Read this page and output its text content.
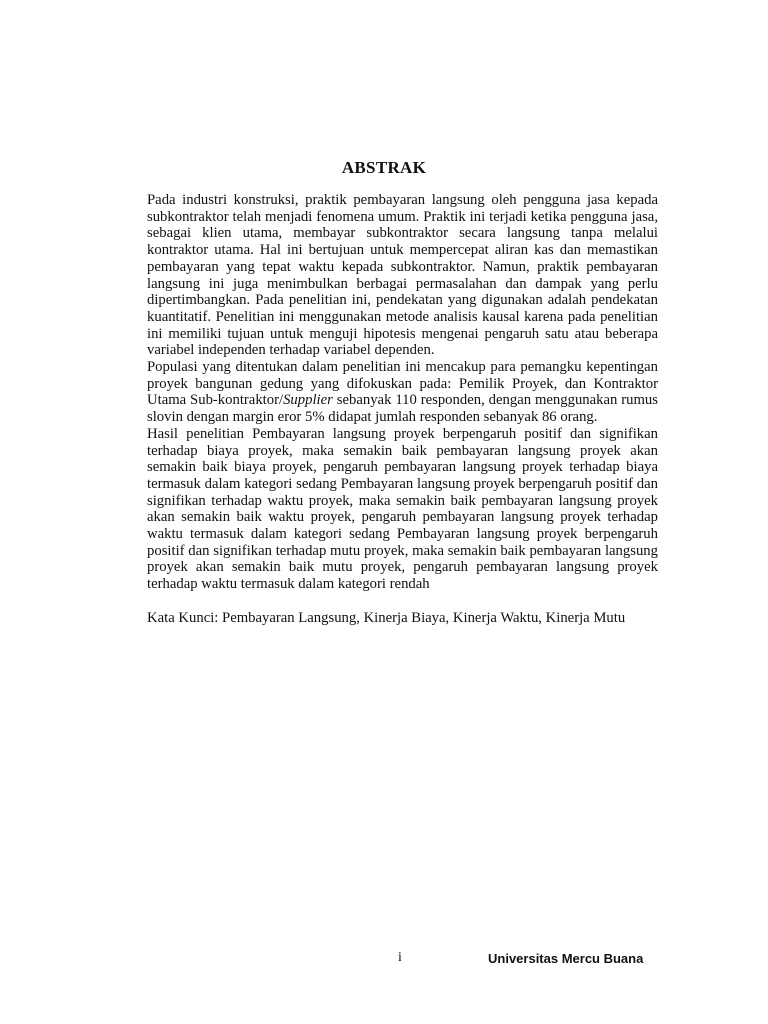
ABSTRAK

Pada industri konstruksi, praktik pembayaran langsung oleh pengguna jasa kepada subkontraktor telah menjadi fenomena umum. Praktik ini terjadi ketika pengguna jasa, sebagai klien utama, membayar subkontraktor secara langsung tanpa melalui kontraktor utama. Hal ini bertujuan untuk mempercepat aliran kas dan memastikan pembayaran yang tepat waktu kepada subkontraktor. Namun, praktik pembayaran langsung ini juga menimbulkan berbagai permasalahan dan dampak yang perlu dipertimbangkan. Pada penelitian ini, pendekatan yang digunakan adalah pendekatan kuantitatif. Penelitian ini menggunakan metode analisis kausal karena pada penelitian ini memiliki tujuan untuk menguji hipotesis mengenai pengaruh satu atau beberapa variabel independen terhadap variabel dependen.

Populasi yang ditentukan dalam penelitian ini mencakup para pemangku kepentingan proyek bangunan gedung yang difokuskan pada: Pemilik Proyek, dan Kontraktor Utama Sub-kontraktor/Supplier sebanyak 110 responden, dengan menggunakan rumus slovin dengan margin eror 5% didapat jumlah responden sebanyak 86 orang.

Hasil penelitian Pembayaran langsung proyek berpengaruh positif dan signifikan terhadap biaya proyek, maka semakin baik pembayaran langsung proyek akan semakin baik biaya proyek, pengaruh pembayaran langsung proyek terhadap biaya termasuk dalam kategori sedang Pembayaran langsung proyek berpengaruh positif dan signifikan terhadap waktu proyek, maka semakin baik pembayaran langsung proyek akan semakin baik waktu proyek, pengaruh pembayaran langsung proyek terhadap waktu termasuk dalam kategori sedang Pembayaran langsung proyek berpengaruh positif dan signifikan terhadap mutu proyek, maka semakin baik pembayaran langsung proyek akan semakin baik mutu proyek, pengaruh pembayaran langsung proyek terhadap waktu termasuk dalam kategori rendah

Kata Kunci: Pembayaran Langsung, Kinerja Biaya, Kinerja Waktu, Kinerja Mutu

i	Universitas Mercu Buana
